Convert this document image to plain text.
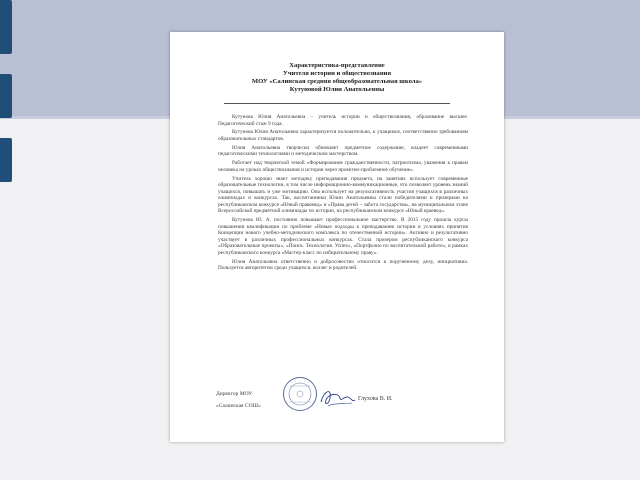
Характеристика-представление
Учителя истории и обществознания
МОУ «Салинская средняя общеобразовательная школа»
Кутуновой Юлии Анатольевны

Кутунова Юлия Анатольевна – учитель истории и обществознания, образование высшее. Педагогический стаж 9 года.

Кутунова Юлия Анатольевна характеризуется положительно, к учащимся, соответственно требованиям образовательных стандартов.

Юлия Анатольевна творчески обновляет предметное содержание, владеет современными педагогическими технологиями и методическим мастерством.

Работает над творческой темой «Формирование гражданственности, патриотизма, уважения к правам человека на уроках обществознания и истории через проектно-проблемное обучение».

Учитель хорошо знает методику преподавания предмета, на занятиях использует современные образовательные технологии, в том числе информационно-коммуникационные, что позволяет уровень знаний учащихся, повышать и уже мотивацию. Она использует на результативность участия учащихся в различных олимпиадах и конкурсах. Так, воспитанники Юлии Анатольевны стали победителями и призерами на республиканском конкурсе «Юный правовед» и «Права детей – забота государства», на муниципальном этапе Всероссийской предметной олимпиады по истории, на республиканском конкурсе «Юный краевед».

Кутунова Ю. А. постоянно повышает профессиональное мастерство. В 2015 году прошла курсы повышения квалификации по проблеме «Новые подходы к преподаванию истории в условиях принятия Концепции нового учебно-методического комплекса по отечественной истории». Активно и результативно участвует в различных профессиональных конкурсах. Стала призером республиканского конкурса «Образовательные проекты», «Поиск. Технология. Успех», «Портфолио по воспитательной работе», в рамках республиканского конкурса «Мастер-класс по избирательному праву».

Юлия Анатольевна ответственно и добросовестно относится к порученному делу, инициативна. Пользуется авторитетом среди учащихся, коллег и родителей.

Директор МОУ
«Салинская СОШ»
Глухова В. И.
